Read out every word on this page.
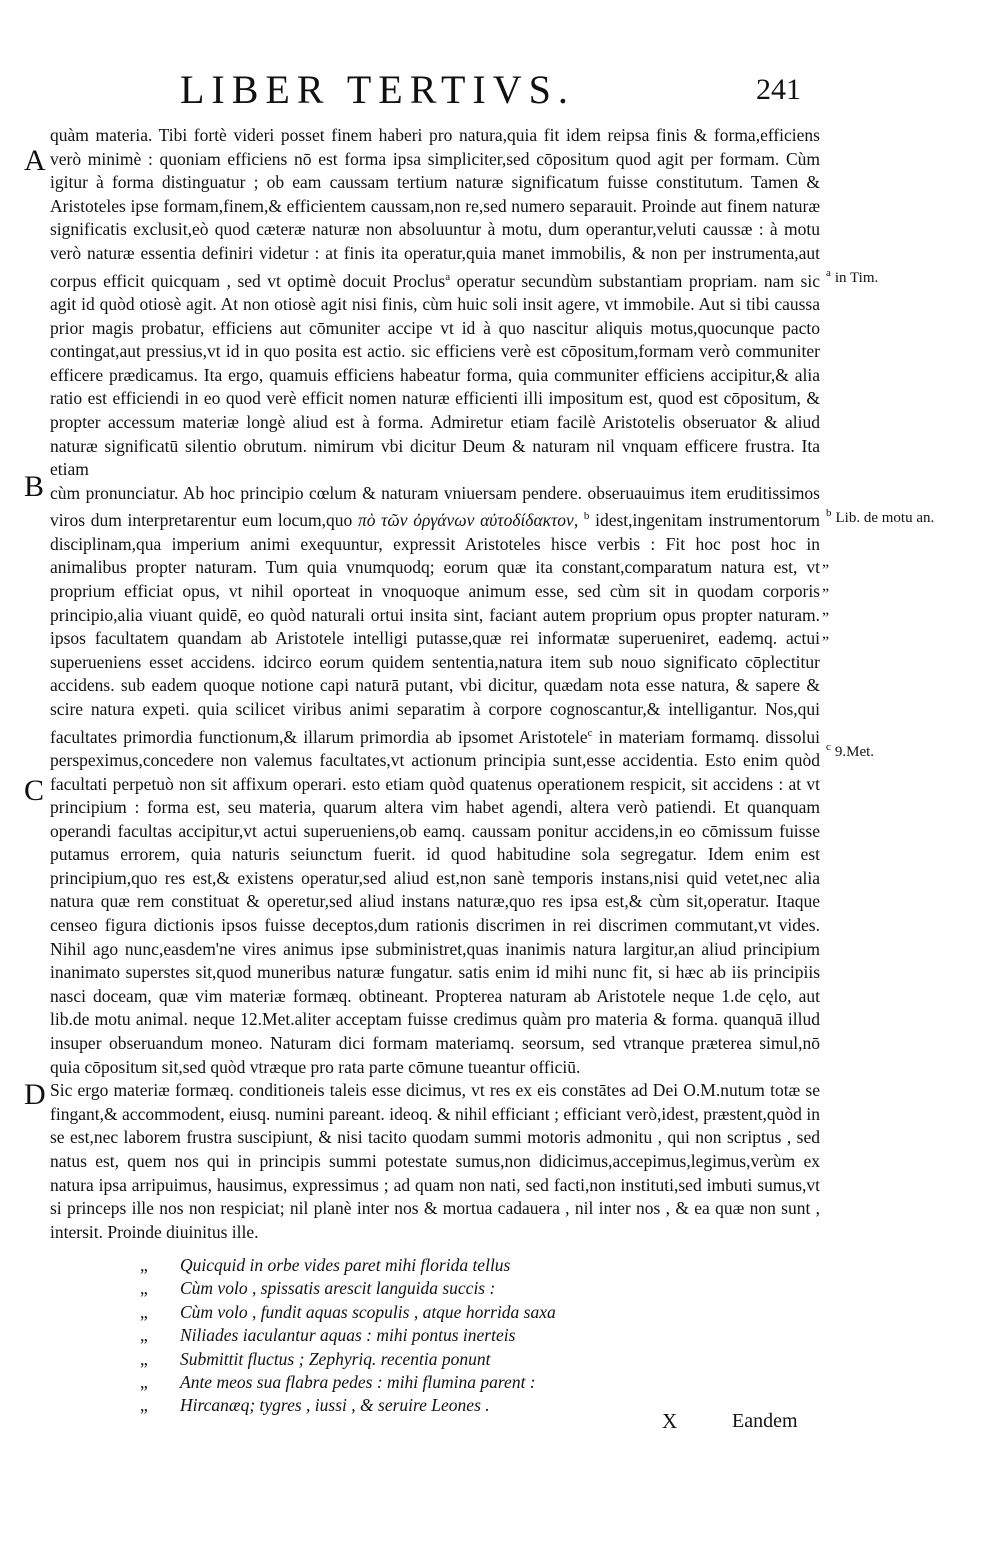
LIBER TERTIVS.	241
A
B
C
D

quàm materia. Tibi fortè videri posset finem haberi pro natura,quia fit idem reipsa finis & forma,efficiens verò minimè : quoniam efficiens nō est forma ipsa simpliciter,sed cōpositum quod agit per formam. Cùm igitur à forma distinguatur ; ob eam caussam tertium naturæ significatum fuisse constitutum. Tamen & Aristoteles ipse formam,finem,& efficientem caussam,non re,sed numero separauit. Proinde aut finem naturæ significatis exclusit,eò quod cæteræ naturæ non absoluuntur à motu, dum operantur,veluti caussæ : à motu verò naturæ essentia definiri videtur : at finis ita operatur,quia manet immobilis, & non per instrumenta,aut corpus efficit quicquam , sed vt optimè docuit Proclus$^a$ operatur secundùm substantiam propriam. nam sic agit id quòd otiosè agit. At non otiosè agit nisi finis, cùm huic soli insit agere, vt immobile. Aut si tibi caussa prior magis probatur, efficiens aut cōmuniter accipe vt id à quo nascitur aliquis motus,quocunque pacto contingat,aut pressius,vt id in quo posita est actio. sic efficiens verè est cōpositum,formam verò communiter efficere prædicamus. Ita ergo, quamuis efficiens habeatur forma, quia communiter efficiens accipitur,& alia ratio est efficiendi in eo quod verè efficit nomen naturæ efficienti illi impositum est, quod est cōpositum, & propter accessum materiæ longè aliud est à forma. Admiretur etiam facilè Aristotelis obseruator & aliud naturæ significatū silentio obrutum. nimirum vbi dicitur Deum & naturam nil vnquam efficere frustra. Ita etiam

cùm pronunciatur. Ab hoc principio cœlum & naturam vniuersam pendere. obseruauimus item eruditissimos viros dum interpretarentur eum locum,quo πὸ τῶν ὀργάνων αὐτοδίδακτον, $^b$ idest,ingenitam instrumentorum disciplinam,qua imperium animi exequuntur, expressit Aristoteles hisce verbis : Fit hoc post hoc in animalibus propter naturam. Tum quia vnumquodq; eorum quæ ita constant,comparatum natura est, vt proprium efficiat opus, vt nihil oporteat in vnoquoque animum esse, sed cùm sit in quodam corporis principio,alia viuant quidē, eo quòd naturali ortui insita sint, faciant autem proprium opus propter naturam. ipsos facultatem quandam ab Aristotele intelligi putasse,quæ rei informatæ superueniret, eademq. actui superueniens esset accidens. idcirco eorum quidem sententia,natura item sub nouo significato cōplectitur accidens. sub eadem quoque notione capi naturā putant, vbi dicitur, quædam nota esse natura, & sapere & scire natura expeti. quia scilicet viribus animi separatim à corpore cognoscantur,& intelligantur. Nos,qui facultates primordia functionum,& illarum primordia ab ipsomet Aristotele$^c$ in materiam formamq. dissolui perspeximus,concedere non valemus facultates,vt actionum principia sunt,esse accidentia. Esto enim quòd facultati perpetuò non sit affixum operari. esto etiam quòd quatenus operationem respicit, sit accidens : at vt principium : forma est, seu materia, quarum altera vim habet agendi, altera verò patiendi. Et quanquam operandi facultas accipitur,vt actui superueniens,ob eamq. caussam ponitur accidens,in eo cōmissum fuisse putamus errorem, quia naturis seiunctum fuerit. id quod habitudine sola segregatur. Idem enim est principium,quo res est,& existens operatur,sed aliud est,non sanè temporis instans,nisi quid vetet,nec alia natura quæ rem constituat & operetur,sed aliud instans naturæ,quo res ipsa est,& cùm sit,operatur. Itaque censeo figura dictionis ipsos fuisse deceptos,dum rationis discrimen in rei discrimen commutant,vt vides. Nihil ago nunc,easdem'ne vires animus ipse subministret,quas inanimis natura largitur,an aliud principium inanimato superstes sit,quod muneribus naturæ fungatur. satis enim id mihi nunc fit, si hæc ab iis principiis nasci doceam, quæ vim materiæ formæq. obtineant. Propterea naturam ab Aristotele neque 1.de cęlo, aut lib.de motu animal. neque 12.Met.aliter acceptam fuisse credimus quàm pro materia & forma. quanquā illud insuper obseruandum moneo. Naturam dici formam materiamq. seorsum, sed vtranque præterea simul,nō quia cōpositum sit,sed quòd vtræque pro rata parte cōmune tueantur officiū.

Sic ergo materiæ formæq. conditioneis taleis esse dicimus, vt res ex eis constātes ad Dei O.M.nutum totæ se fingant,& accommodent, eiusq. numini pareant. ideoq. & nihil efficiant ; efficiant verò,idest, præstent,quòd in se est,nec laborem frustra suscipiunt, & nisi tacito quodam summi motoris admonitu , qui non scriptus , sed natus est, quem nos qui in principis summi potestate sumus,non didicimus,accepimus,legimus,verùm ex natura ipsa arripuimus, hausimus, expressimus ; ad quam non nati, sed facti,non instituti,sed imbuti sumus,vt si princeps ille nos non respiciat; nil planè inter nos & mortua cadauera , nil inter nos , & ea quæ non sunt , intersit. Proinde diuinitus ille.

$^a$ in Tim.
$^b$ Lib. de motu an.
$^c$ 9.Met.
„
„
„
„
„ Quicquid in orbe vides paret mihi florida tellus
„ Cùm volo , spissatis arescit languida succis :
„ Cùm volo , fundit aquas scopulis , atque horrida saxa
„ Niliades iaculantur aquas : mihi pontus inerteis
„ Submittit fluctus ; Zephyriq. recentia ponunt
„ Ante meos sua flabra pedes : mihi flumina parent :
„ Hircanæq; tygres , iussi , & seruire Leones .
X	Eandem
